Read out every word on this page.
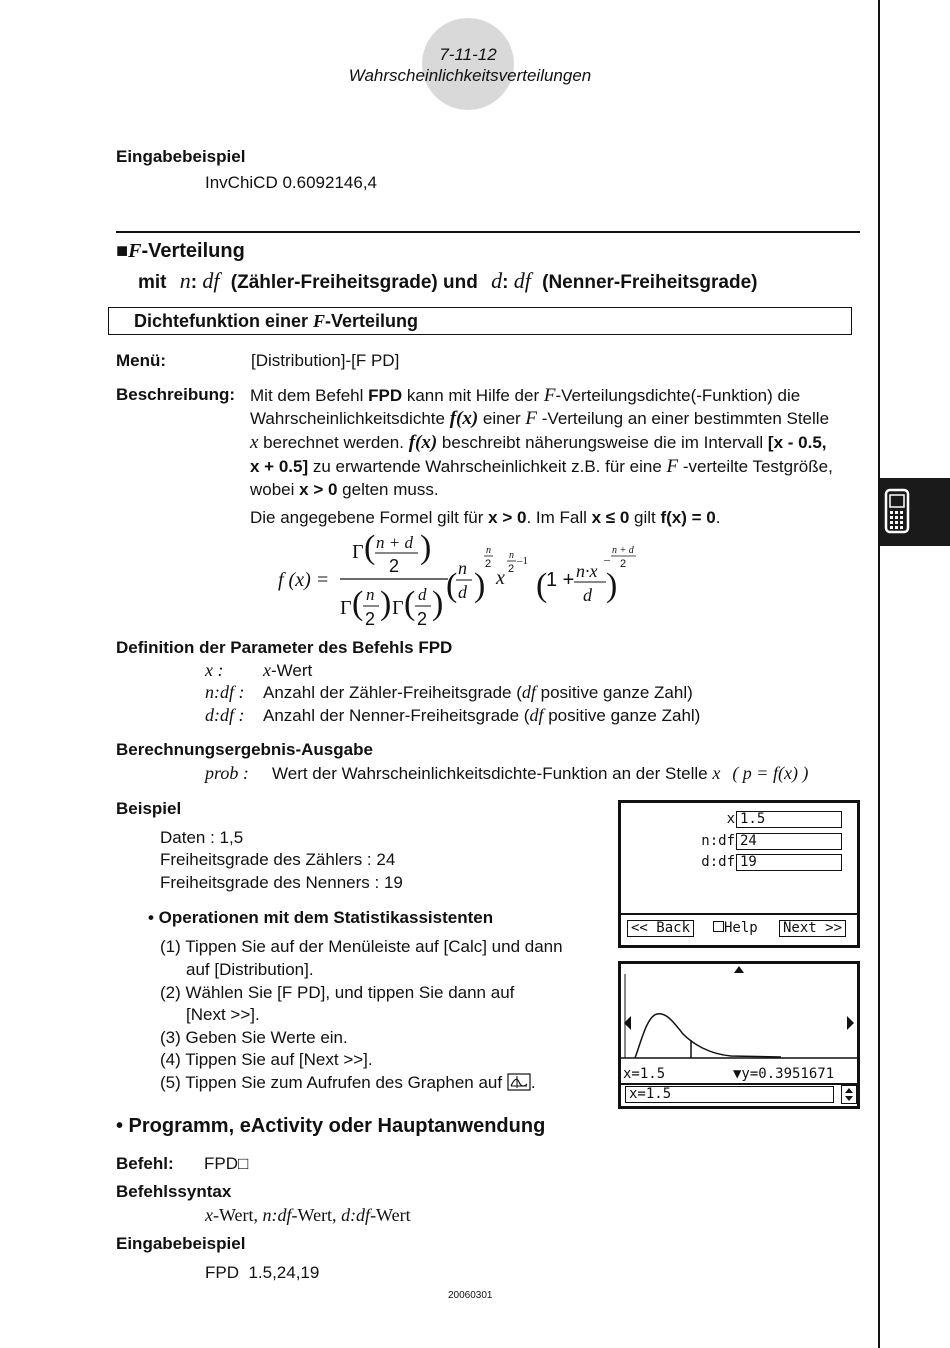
7-11-12
Wahrscheinlichkeitsverteilungen
Eingabebeispiel
InvChiCD 0.6092146,4
■F-Verteilung
mit n: df (Zähler-Freiheitsgrade) und d: df (Nenner-Freiheitsgrade)
Dichtefunktion einer F-Verteilung
Menü:	[Distribution]-[F PD]
Beschreibung: Mit dem Befehl FPD kann mit Hilfe der F-Verteilungsdichte(-Funktion) die
Wahrscheinlichkeitsdichte f(x) einer F -Verteilung an einer bestimmten Stelle
x berechnet werden. f(x) beschreibt näherungsweise die im Intervall [x - 0.5,
x + 0.5] zu erwartende Wahrscheinlichkeit z.B. für eine F -verteilte Testgröße,
wobei x > 0 gelten muss.
Die angegebene Formel gilt für x > 0. Im Fall x ≤ 0 gilt f(x) = 0.
f (x) =
Γ ( n + d
2 )
Γ ( n
2 ) Γ ( d
2 ) ( n
d )
n
2
x
n
2
–1
(
1 + n·x
d )
–
n + d
2
Definition der Parameter des Befehls FPD
x : x-Wert
n:df : Anzahl der Zähler-Freiheitsgrade (df positive ganze Zahl)
d:df : Anzahl der Nenner-Freiheitsgrade (df positive ganze Zahl)
Berechnungsergebnis-Ausgabe
prob : Wert der Wahrscheinlichkeitsdichte-Funktion an der Stelle x ( p = f(x) )
Beispiel
Daten : 1,5
Freiheitsgrade des Zählers : 24
Freiheitsgrade des Nenners : 19
• Operationen mit dem Statistikassistenten
(1) Tippen Sie auf der Menüleiste auf [Calc] und dann
auf [Distribution].
(2) Wählen Sie [F PD], und tippen Sie dann auf
[Next >>].
(3) Geben Sie Werte ein.
(4) Tippen Sie auf [Next >>].
(5) Tippen Sie zum Aufrufen des Graphen auf .
x 1.5
n:df 24
d:df 19
<< Back	Help Next >>
x=1.5	▼y=0.3951671
x=1.5
• Programm, eActivity oder Hauptanwendung
Befehl: FPD□
Befehlssyntax
x-Wert, n:df-Wert, d:df-Wert
Eingabebeispiel
FPD  1.5,24,19
20060301
